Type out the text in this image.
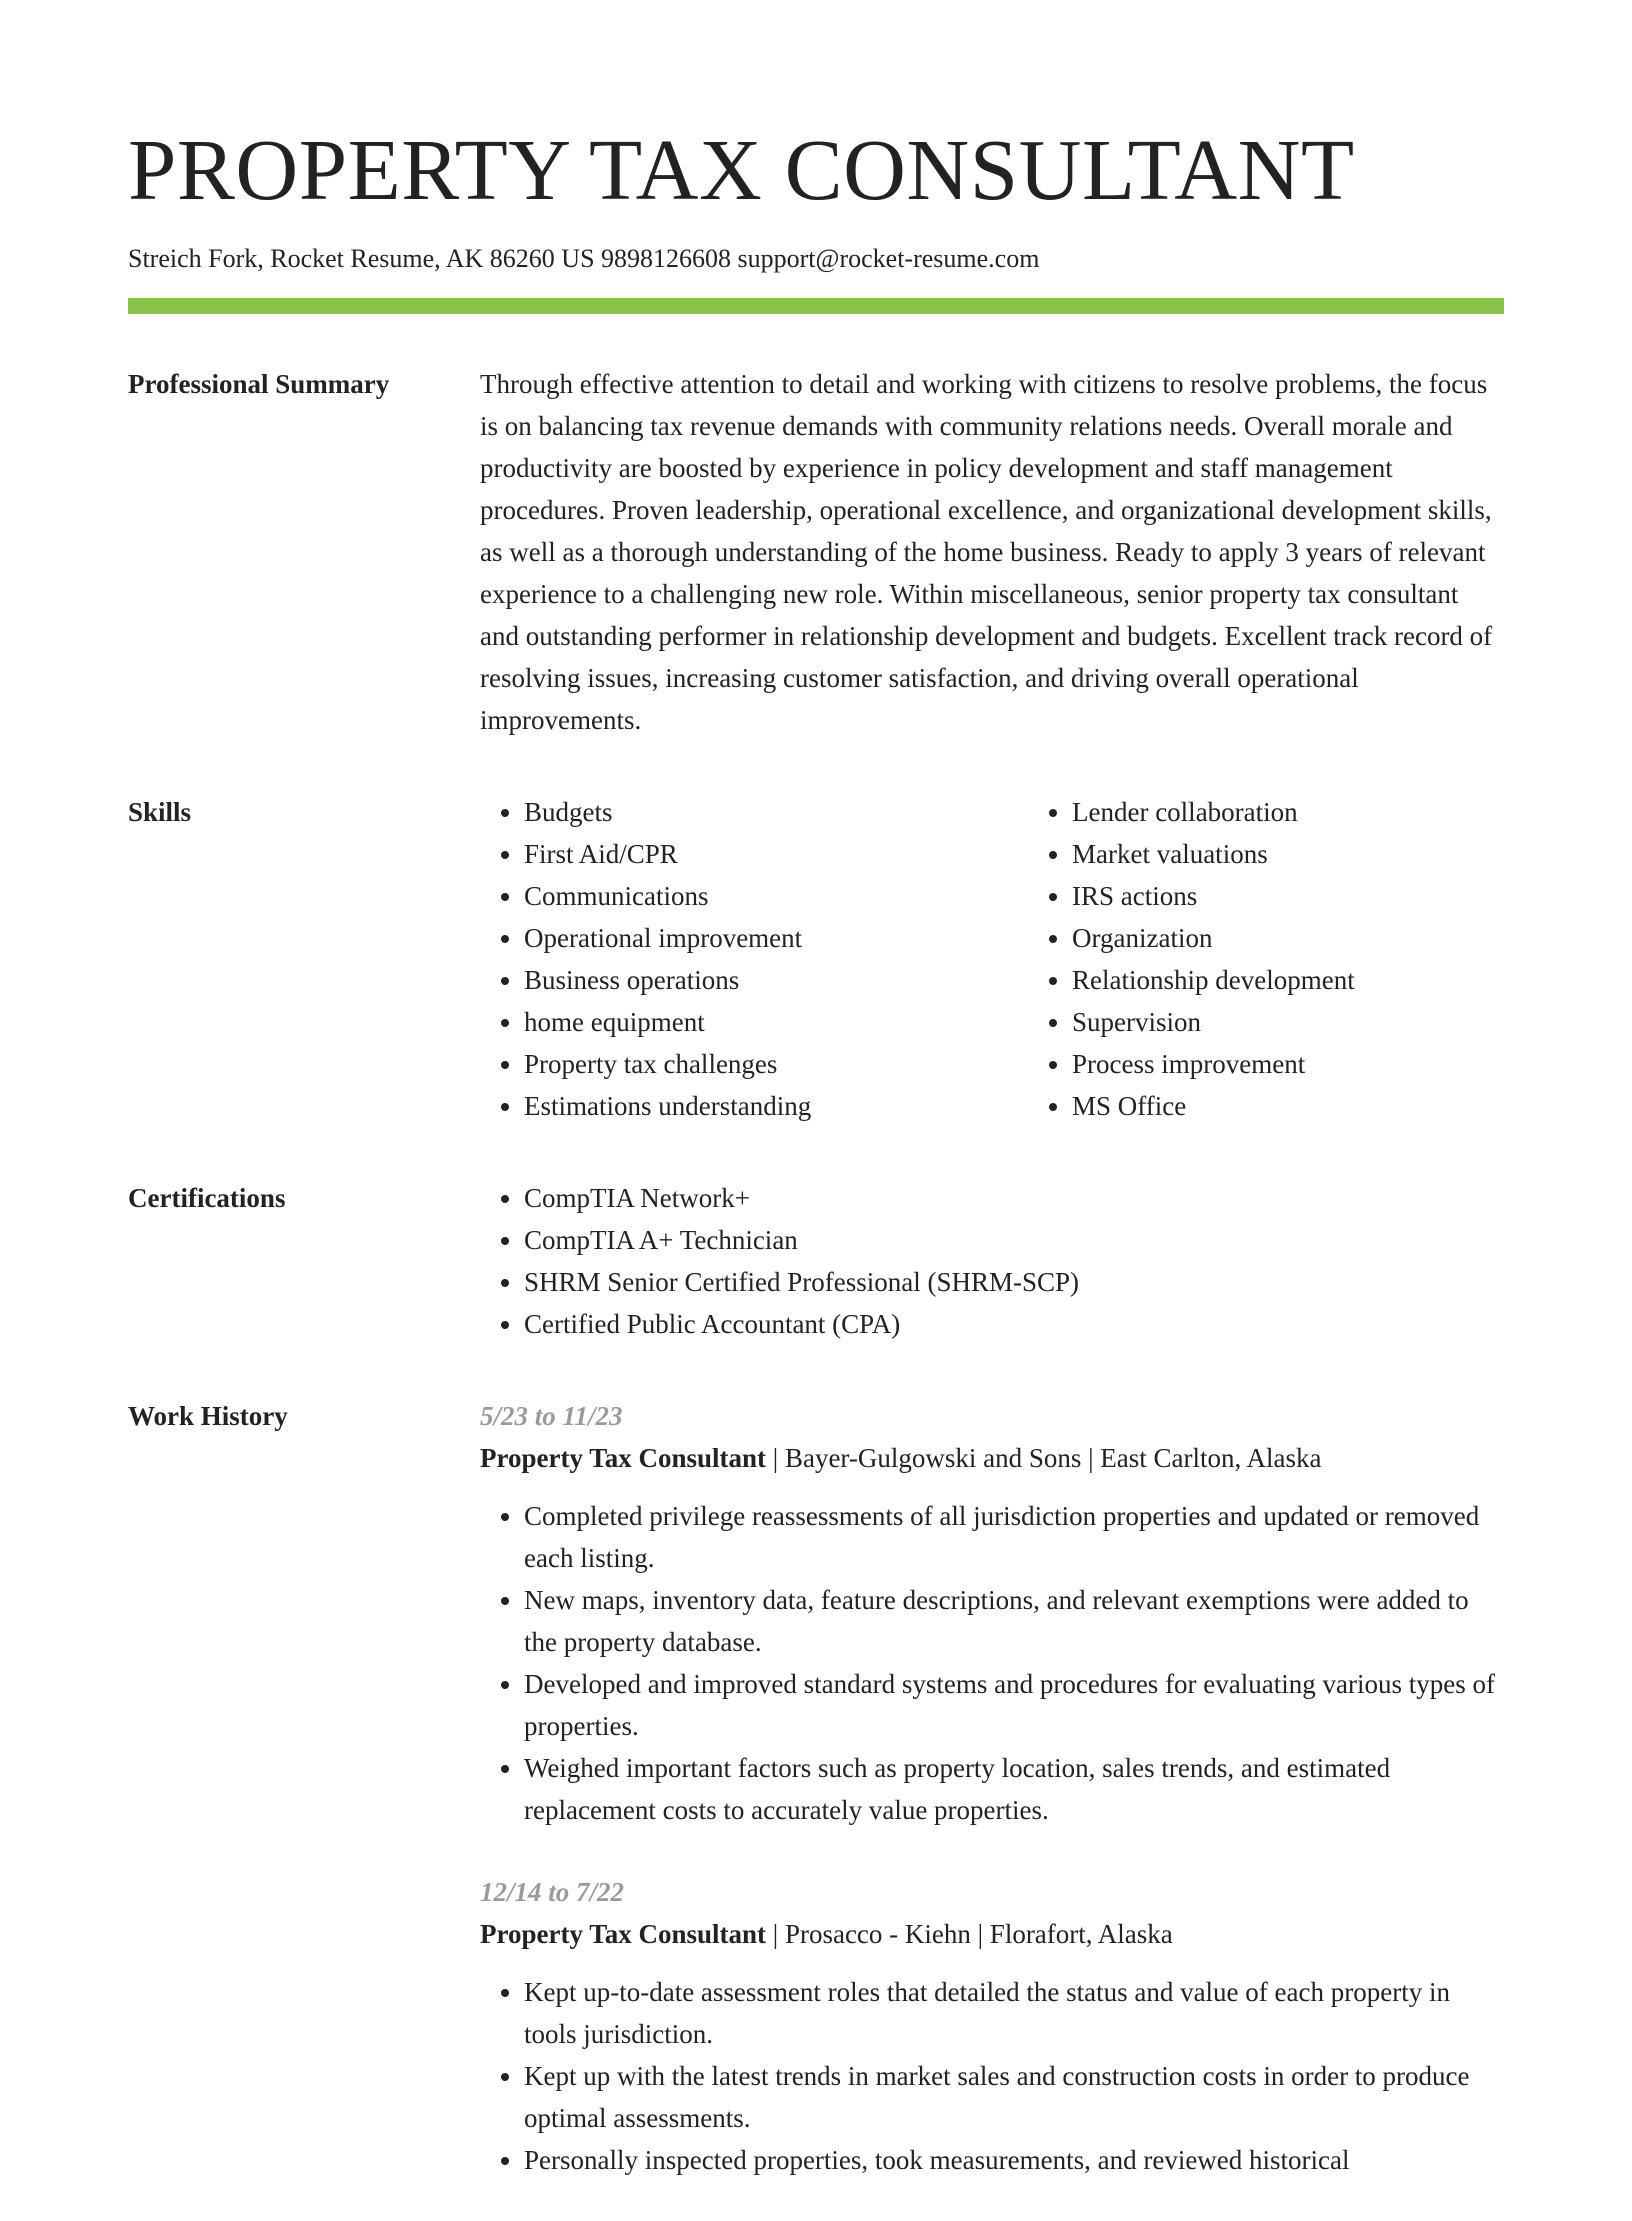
PROPERTY TAX CONSULTANT
Streich Fork, Rocket Resume, AK 86260 US 9898126608 support@rocket-resume.com
Professional Summary	Through effective attention to detail and working with citizens to resolve problems, the focus is on balancing tax revenue demands with community relations needs. Overall morale and productivity are boosted by experience in policy development and staff management procedures. Proven leadership, operational excellence, and organizational development skills, as well as a thorough understanding of the home business. Ready to apply 3 years of relevant experience to a challenging new role. Within miscellaneous, senior property tax consultant and outstanding performer in relationship development and budgets. Excellent track record of resolving issues, increasing customer satisfaction, and driving overall operational improvements.

Skills	• Budgets
• First Aid/CPR
• Communications
• Operational improvement
• Business operations
• home equipment
• Property tax challenges
• Estimations understanding
• Lender collaboration
• Market valuations
• IRS actions
• Organization
• Relationship development
• Supervision
• Process improvement
• MS Office
Certifications	• CompTIA Network+
• CompTIA A+ Technician
• SHRM Senior Certified Professional (SHRM-SCP)
• Certified Public Accountant (CPA)
Work History	5/23 to 11/23
Property Tax Consultant | Bayer-Gulgowski and Sons | East Carlton, Alaska
• Completed privilege reassessments of all jurisdiction properties and updated or removed each listing.
• New maps, inventory data, feature descriptions, and relevant exemptions were added to the property database.
• Developed and improved standard systems and procedures for evaluating various types of properties.
• Weighed important factors such as property location, sales trends, and estimated replacement costs to accurately value properties.
12/14 to 7/22
Property Tax Consultant | Prosacco - Kiehn | Florafort, Alaska
• Kept up-to-date assessment roles that detailed the status and value of each property in tools jurisdiction.
• Kept up with the latest trends in market sales and construction costs in order to produce optimal assessments.
• Personally inspected properties, took measurements, and reviewed historical
